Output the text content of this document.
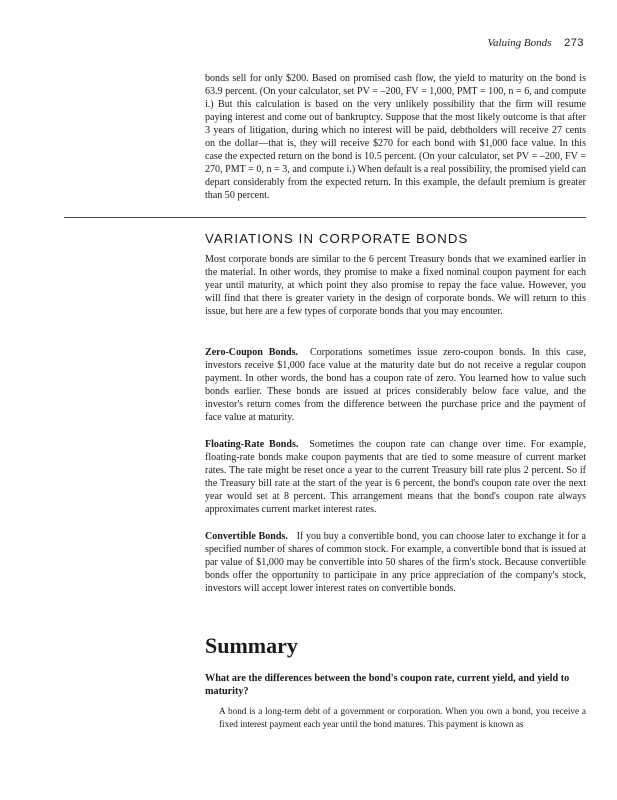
Valuing Bonds 273

bonds sell for only $200. Based on promised cash flow, the yield to maturity on the bond is 63.9 percent. (On your calculator, set PV = –200, FV = 1,000, PMT = 100, n = 6, and compute i.) But this calculation is based on the very unlikely possibility that the firm will resume paying interest and come out of bankruptcy. Suppose that the most likely outcome is that after 3 years of litigation, during which no interest will be paid, debtholders will receive 27 cents on the dollar—that is, they will receive $270 for each bond with $1,000 face value. In this case the expected return on the bond is 10.5 percent. (On your calculator, set PV = –200, FV = 270, PMT = 0, n = 3, and compute i.) When default is a real possibility, the promised yield can depart considerably from the expected return. In this example, the default premium is greater than 50 percent.

VARIATIONS IN CORPORATE BONDS

Most corporate bonds are similar to the 6 percent Treasury bonds that we examined earlier in the material. In other words, they promise to make a fixed nominal coupon payment for each year until maturity, at which point they also promise to repay the face value. However, you will find that there is greater variety in the design of corporate bonds. We will return to this issue, but here are a few types of corporate bonds that you may encounter.

Zero-Coupon Bonds. Corporations sometimes issue zero-coupon bonds. In this case, investors receive $1,000 face value at the maturity date but do not receive a regular coupon payment. In other words, the bond has a coupon rate of zero. You learned how to value such bonds earlier. These bonds are issued at prices considerably below face value, and the investor's return comes from the difference between the purchase price and the payment of face value at maturity.

Floating-Rate Bonds. Sometimes the coupon rate can change over time. For example, floating-rate bonds make coupon payments that are tied to some measure of current market rates. The rate might be reset once a year to the current Treasury bill rate plus 2 percent. So if the Treasury bill rate at the start of the year is 6 percent, the bond's coupon rate over the next year would set at 8 percent. This arrangement means that the bond's coupon rate always approximates current market interest rates.

Convertible Bonds. If you buy a convertible bond, you can choose later to exchange it for a specified number of shares of common stock. For example, a convertible bond that is issued at par value of $1,000 may be convertible into 50 shares of the firm's stock. Because convertible bonds offer the opportunity to participate in any price appreciation of the company's stock, investors will accept lower interest rates on convertible bonds.

Summary

What are the differences between the bond's coupon rate, current yield, and yield to maturity?

A bond is a long-term debt of a government or corporation. When you own a bond, you receive a fixed interest payment each year until the bond matures. This payment is known as
